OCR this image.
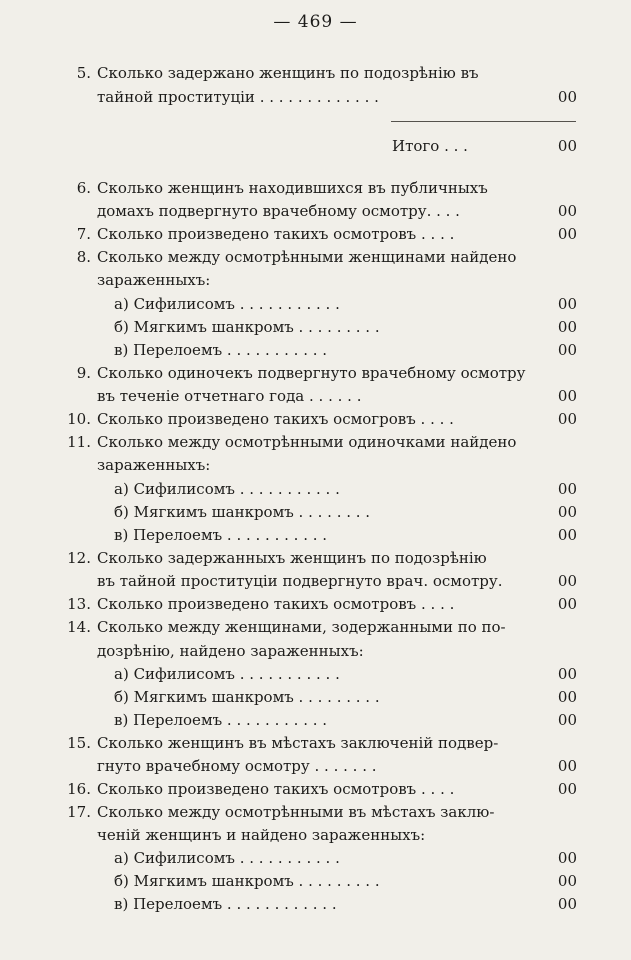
— 469 —
5. Сколько задержано женщинъ по подозрѣнію въ
тайной проституціи . . . . . . . . . . . . .	00
Итого . . .	00
6. Сколько женщинъ находившихся въ публичныхъ
домахъ подвергнуто врачебному осмотру. . . .	00
7. Сколько произведено такихъ осмотровъ . . . .	00
8. Сколько между осмотрѣнными женщинами найдено
зараженныхъ:
а) Сифилисомъ . . . . . . . . . . .	00
б) Мягкимъ шанкромъ . . . . . . . . .	00
в) Перелоемъ . . . . . . . . . . .	00
9. Сколько одиночекъ подвергнуто врачебному осмотру
въ теченіе отчетнаго года . . . . . .	00
10. Сколько произведено такихъ осмогровъ . . . .	00
11. Сколько между осмотрѣнными одиночками найдено
зараженныхъ:
а) Сифилисомъ . . . . . . . . . . .	00
б) Мягкимъ шанкромъ . . . . . . . .	00
в) Перелоемъ . . . . . . . . . . .	00
12. Сколько задержанныхъ женщинъ по подозрѣнію
въ тайной проституціи подвергнуто врач. осмотру.	00
13. Сколько произведено такихъ осмотровъ . . . .	00
14. Сколько между женщинами, зодержанными по по-
дозрѣнію, найдено зараженныхъ:
а) Сифилисомъ . . . . . . . . . . .	00
б) Мягкимъ шанкромъ . . . . . . . . .	00
в) Перелоемъ . . . . . . . . . . .	00
15. Сколько женщинъ въ мѣстахъ заключеній подвер-
гнуто врачебному осмотру . . . . . . .	00
16. Сколько произведено такихъ осмотровъ . . . .	00
17. Сколько между осмотрѣнными въ мѣстахъ заклю-
ченій женщинъ и найдено зараженныхъ:
а) Сифилисомъ . . . . . . . . . . .	00
б) Мягкимъ шанкромъ . . . . . . . . .	00
в) Перелоемъ . . . . . . . . . . . .	00
